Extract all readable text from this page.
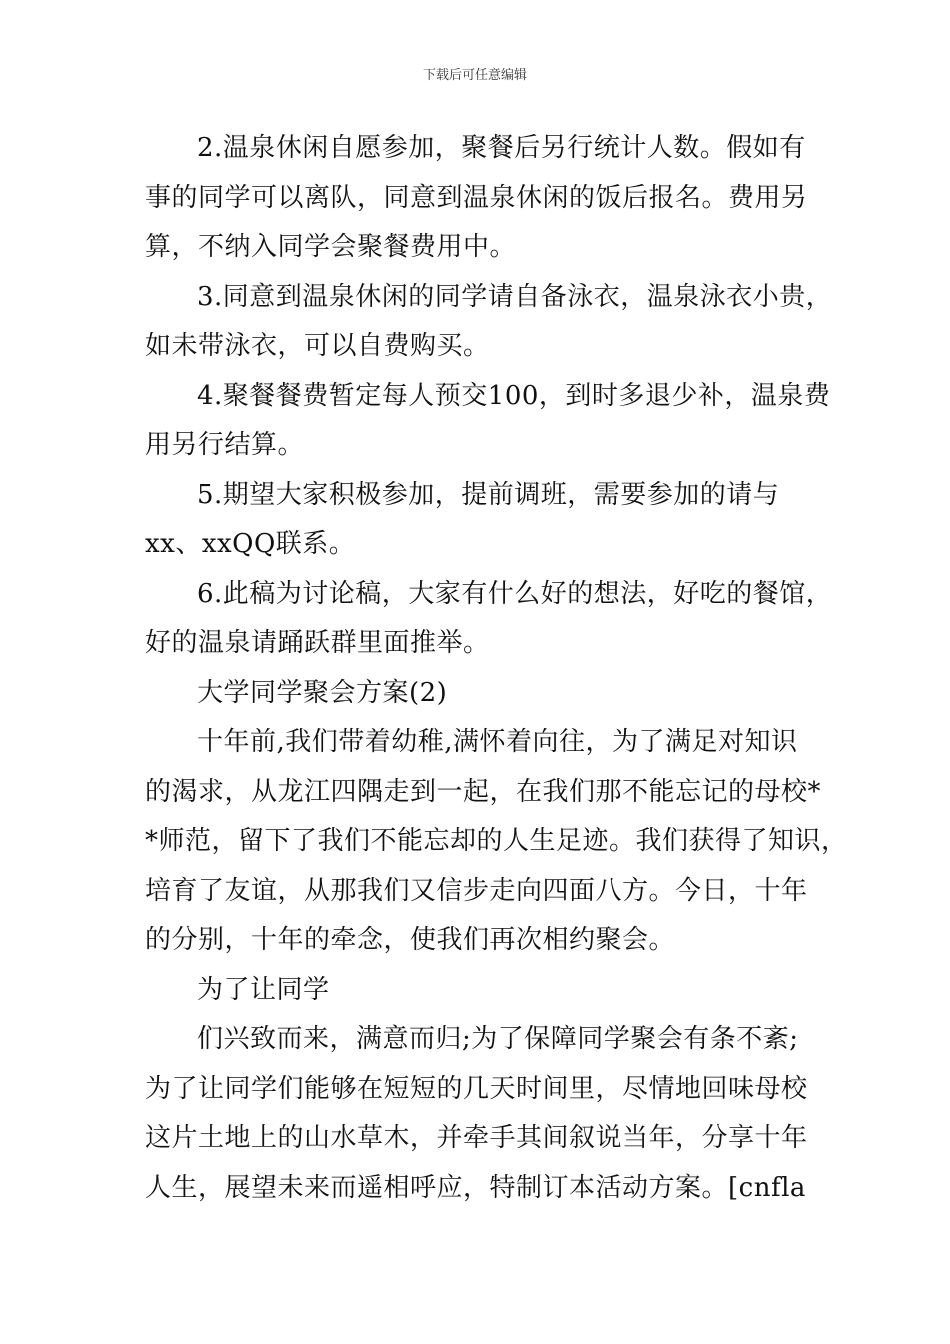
下载后可任意编辑
2.温泉休闲自愿参加，聚餐后另行统计人数。假如有
事的同学可以离队，同意到温泉休闲的饭后报名。费用另
算，不纳入同学会聚餐费用中。
3.同意到温泉休闲的同学请自备泳衣，温泉泳衣小贵，
如未带泳衣，可以自费购买。
4.聚餐餐费暂定每人预交100，到时多退少补，温泉费
用另行结算。
5.期望大家积极参加，提前调班，需要参加的请与
xx、xxQQ联系。
6.此稿为讨论稿，大家有什么好的想法，好吃的餐馆，
好的温泉请踊跃群里面推举。
大学同学聚会方案(2)
十年前,我们带着幼稚,满怀着向往，为了满足对知识
的渴求，从龙江四隅走到一起，在我们那不能忘记的母校*
*师范，留下了我们不能忘却的人生足迹。我们获得了知识，
培育了友谊，从那我们又信步走向四面八方。今日，十年
的分别，十年的牵念，使我们再次相约聚会。
为了让同学
们兴致而来，满意而归;为了保障同学聚会有条不紊;
为了让同学们能够在短短的几天时间里，尽情地回味母校
这片土地上的山水草木，并牵手其间叙说当年，分享十年
人生，展望未来而遥相呼应，特制订本活动方案。[cnfla
